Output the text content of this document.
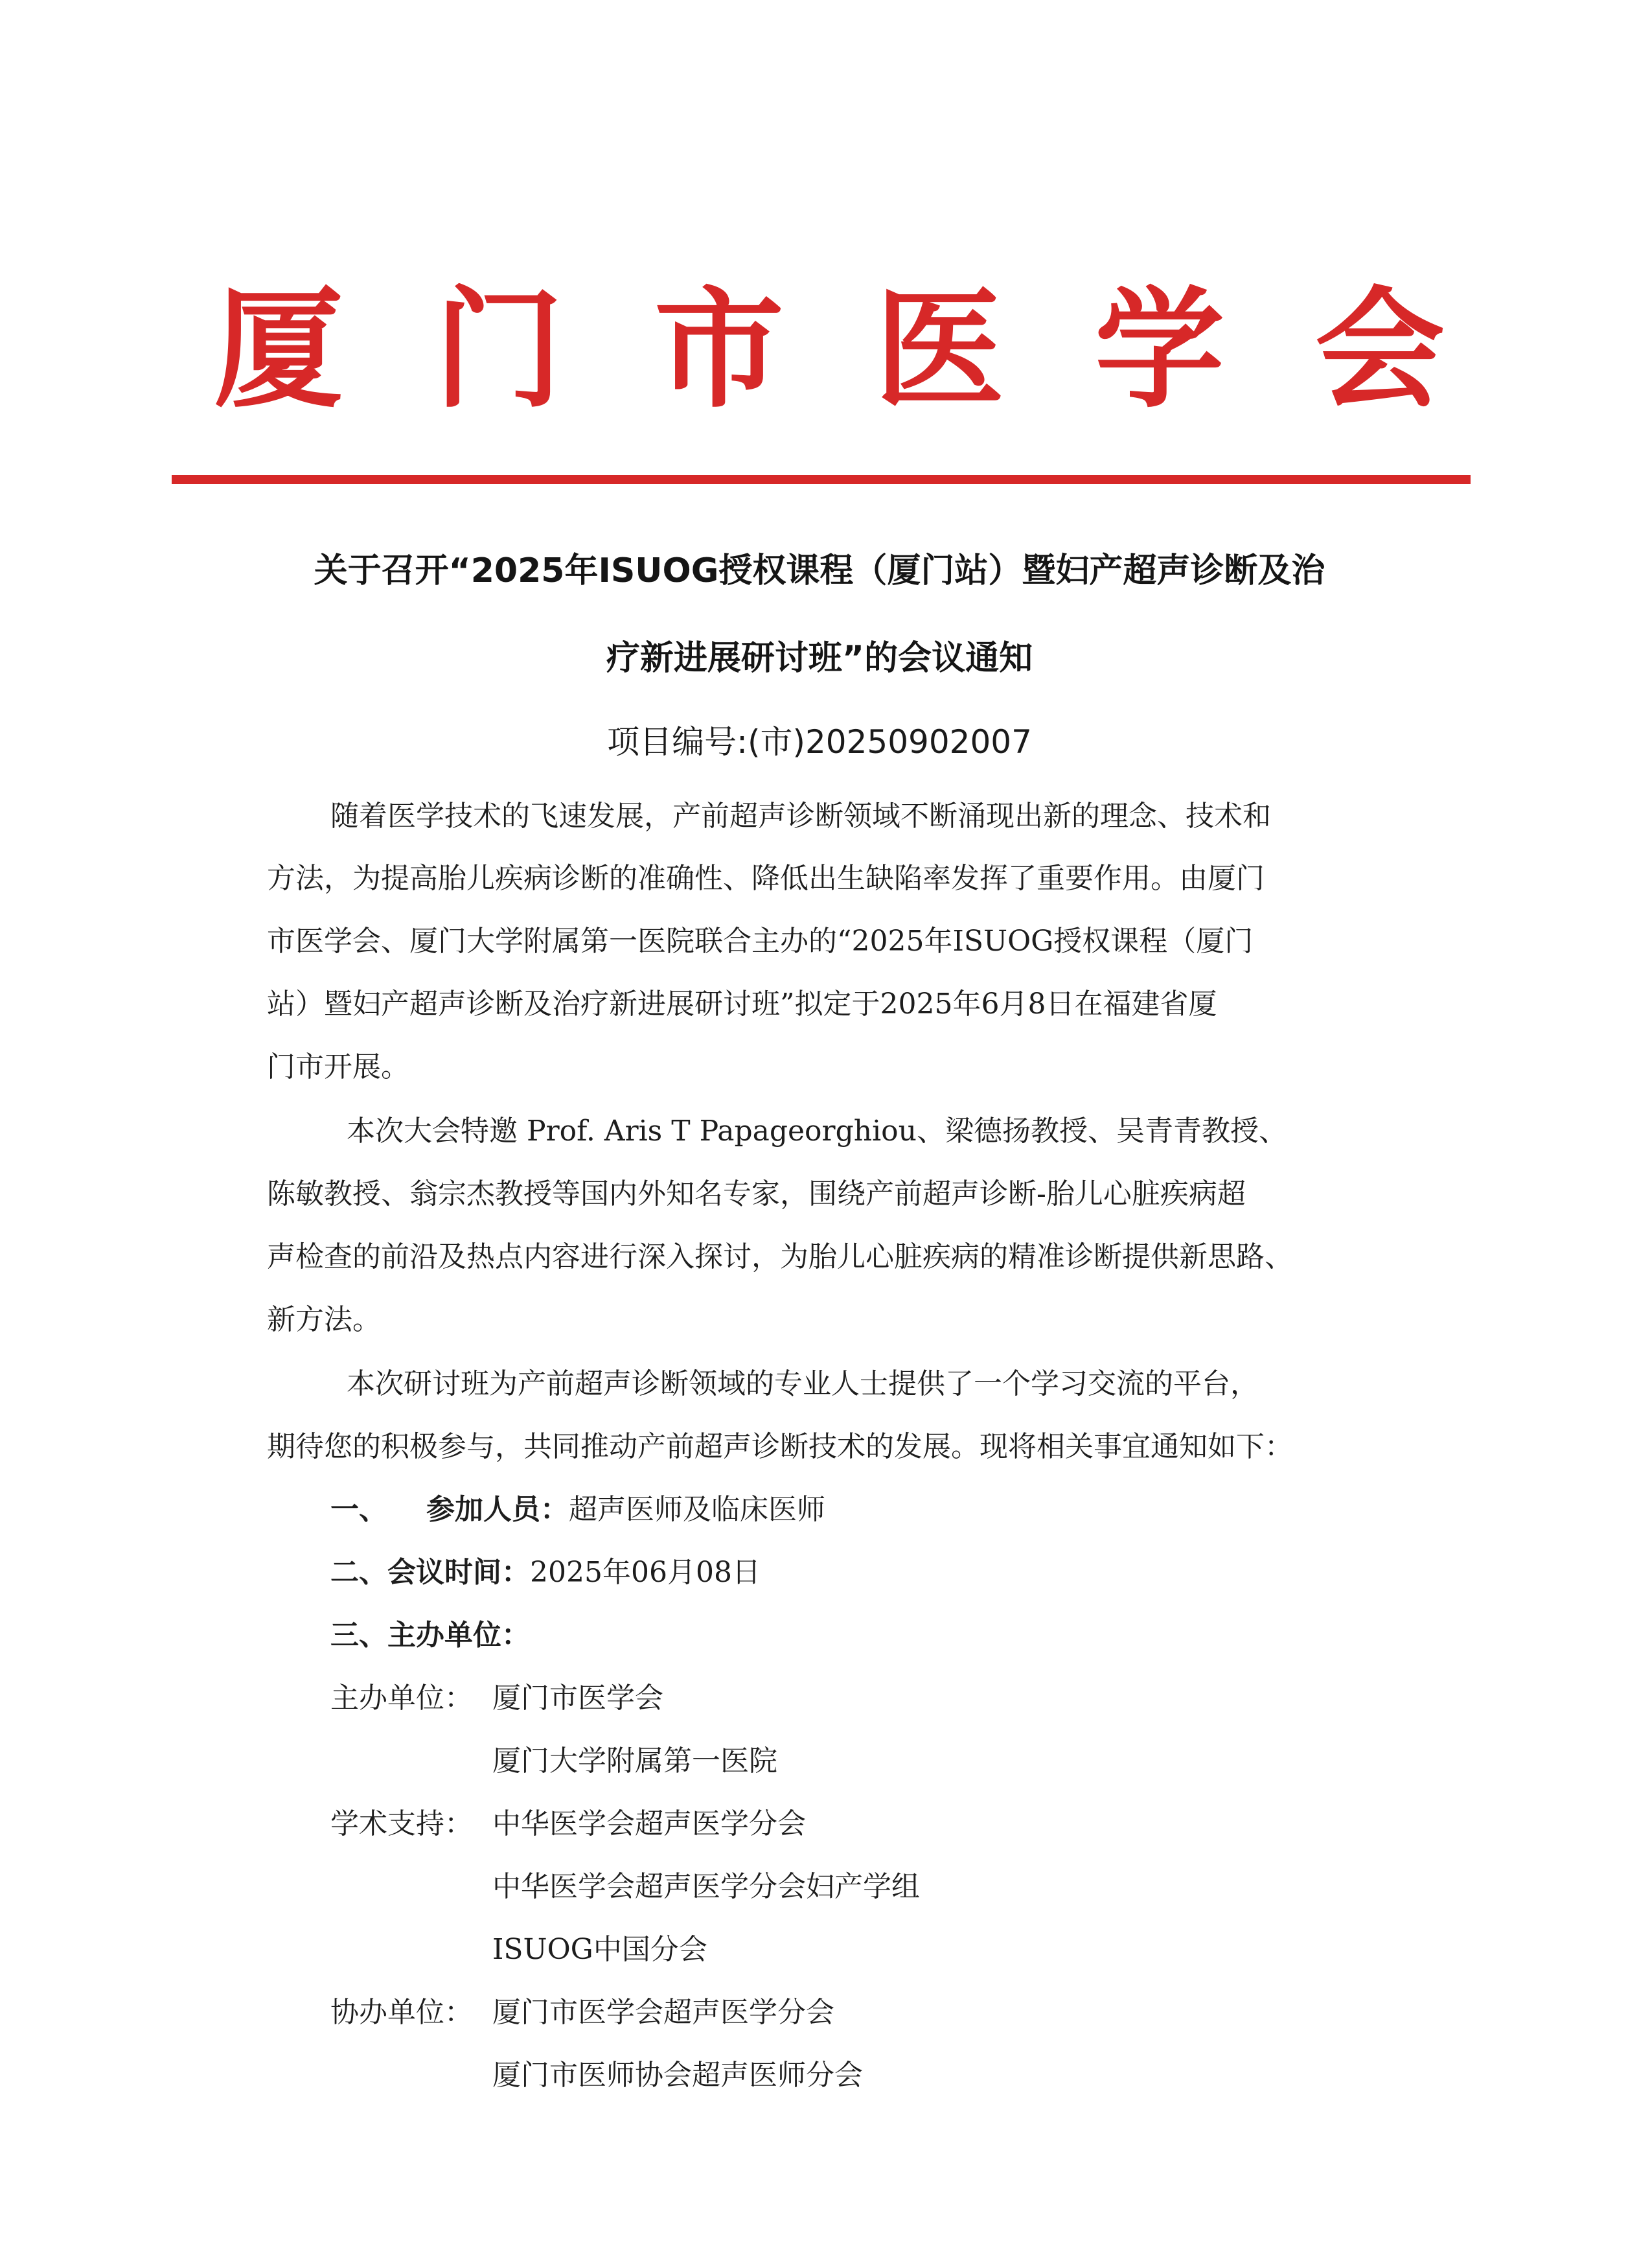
厦 门 市 医 学 会
关于召开“2025年ISUOG授权课程（厦门站）暨妇产超声诊断及治
疗新进展研讨班”的会议通知
项目编号:(市)20250902007
随着医学技术的飞速发展，产前超声诊断领域不断涌现出新的理念、技术和
方法，为提高胎儿疾病诊断的准确性、降低出生缺陷率发挥了重要作用。由厦门
市医学会、厦门大学附属第一医院联合主办的“2025年ISUOG授权课程（厦门
站）暨妇产超声诊断及治疗新进展研讨班”拟定于2025年6月8日在福建省厦
门市开展。
本次大会特邀 Prof. Aris T Papageorghiou、梁德扬教授、吴青青教授、
陈敏教授、翁宗杰教授等国内外知名专家，围绕产前超声诊断-胎儿心脏疾病超
声检查的前沿及热点内容进行深入探讨，为胎儿心脏疾病的精准诊断提供新思路、
新方法。
本次研讨班为产前超声诊断领域的专业人士提供了一个学习交流的平台，
期待您的积极参与，共同推动产前超声诊断技术的发展。现将相关事宜通知如下：
一、 参加人员：超声医师及临床医师
二、会议时间：2025年06月08日
三、主办单位：
主办单位： 厦门市医学会
厦门大学附属第一医院
学术支持： 中华医学会超声医学分会
中华医学会超声医学分会妇产学组
ISUOG中国分会
协办单位： 厦门市医学会超声医学分会
厦门市医师协会超声医师分会
